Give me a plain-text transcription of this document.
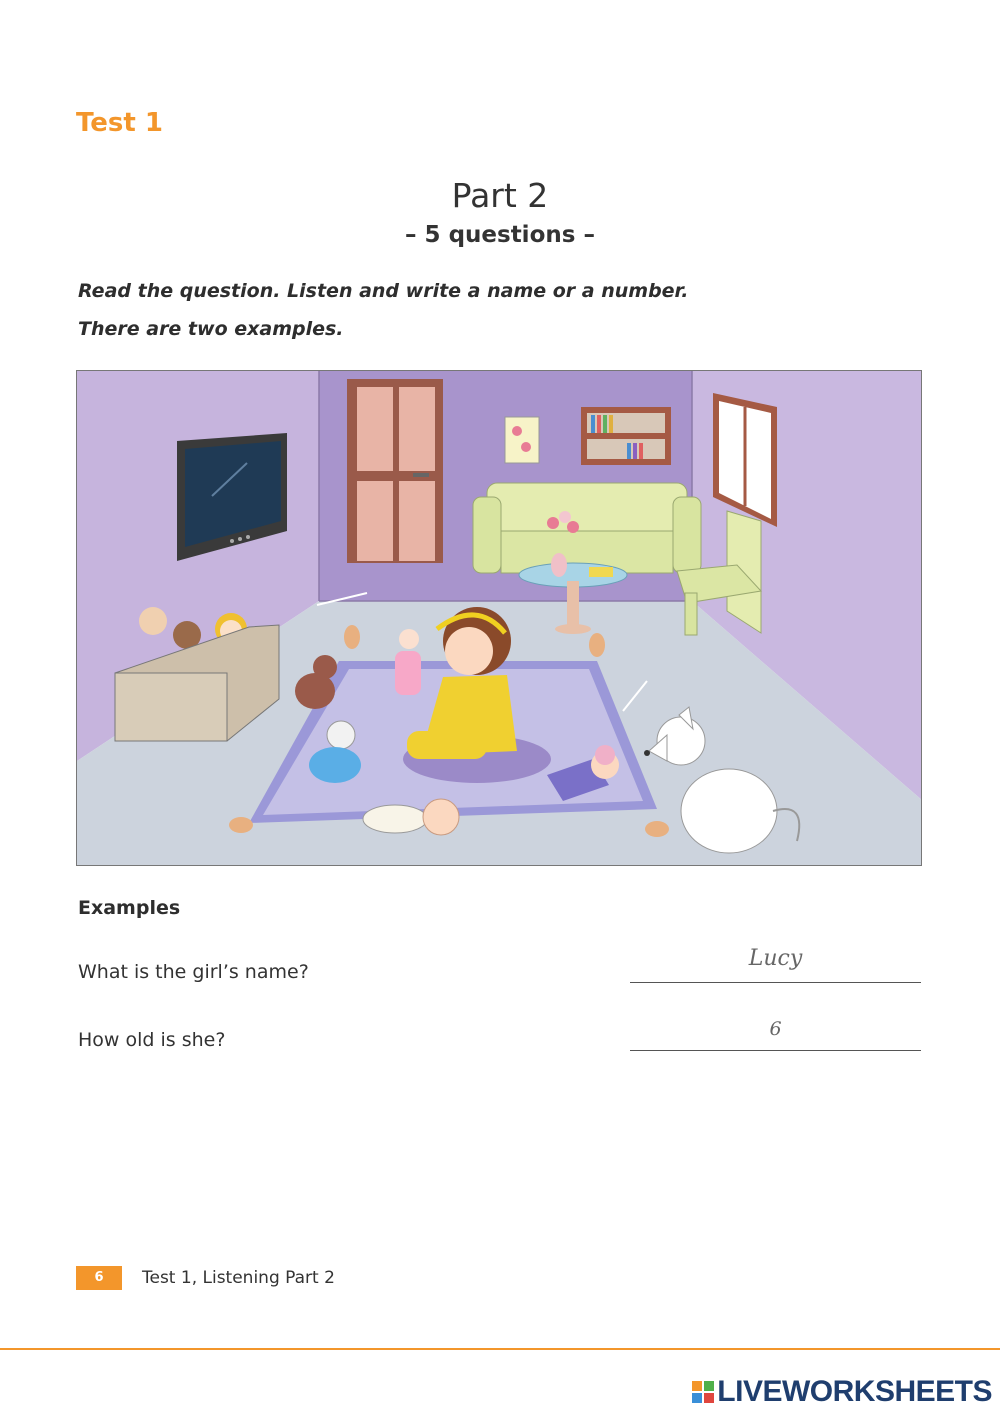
Test 1
Part 2
– 5 questions –
Read the question. Listen and write a name or a number.
There are two examples.
Examples
What is the girl’s name?
Lucy
How old is she?	6
6	Test 1, Listening Part 2
LIVEWORKSHEETS
